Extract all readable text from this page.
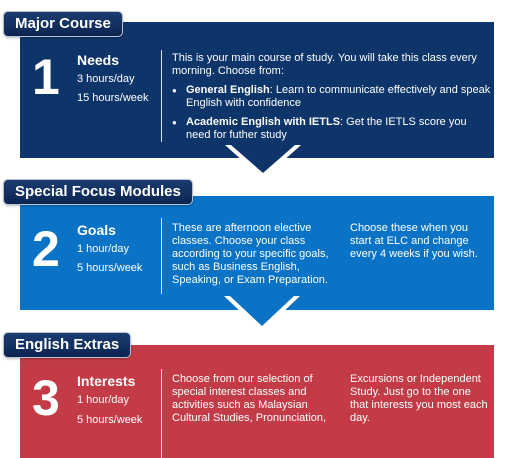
1 Needs
3 hours/day
15 hours/week
This is your main course of study. You will take this class every morning. Choose from:
● General English: Learn to communicate effectively and speak English with confidence
● Academic English with IETLS: Get the IETLS score you need for futher study
Major Course
2 Goals
1 hour/day
5 hours/week
These are afternoon elective classes. Choose your class according to your specific goals, such as Business English, Speaking, or Exam Preparation.
Choose these when you start at ELC and change every 4 weeks if you wish.
Special Focus Modules
3 Interests
1 hour/day
5 hours/week
Choose from our selection of special interest classes and activities such as Malaysian Cultural Studies, Pronunciation,
Excursions or Independent Study. Just go to the one that interests you most each day.
English Extras
